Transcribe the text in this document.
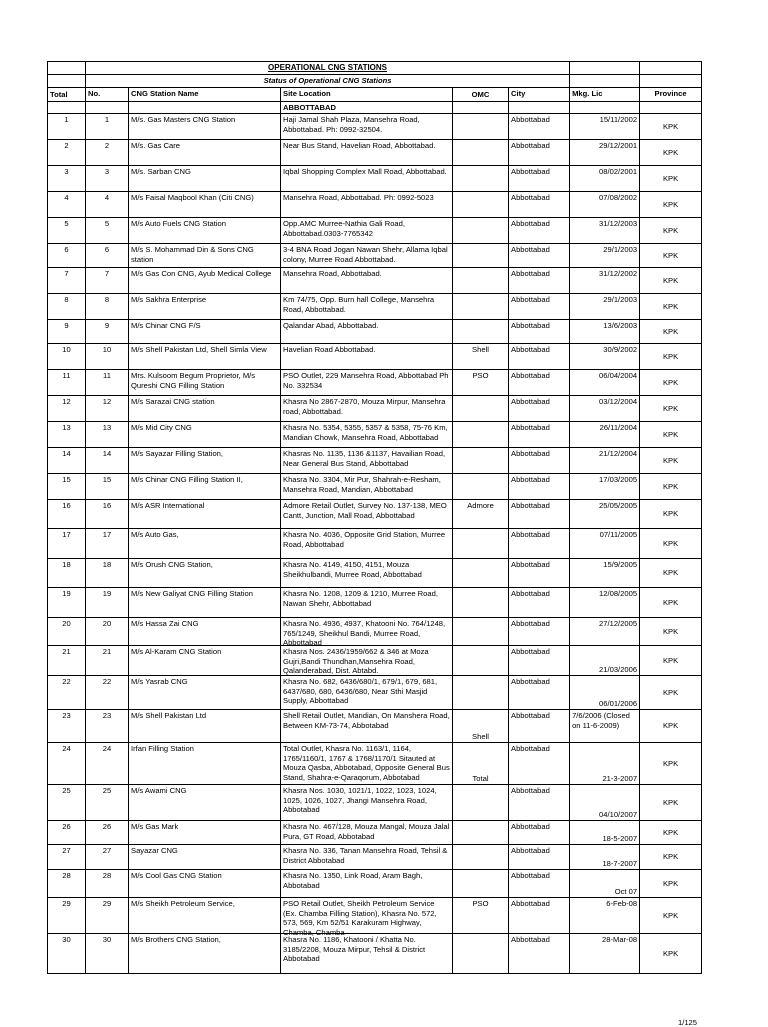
	OPERATIONAL CNG STATIONS						
	Status of Operational CNG Stations						
Total	No.	CNG Station Name	Site Location	OMC	City	Mkg. Lic	Province
			ABBOTTABAD				
1	1	M/s. Gas Masters CNG Station	Haji Jamal Shah Plaza, Mansehra Road, Abbottabad. Ph: 0992-32504.		Abbottabad	15/11/2002	KPK
2	2	M/s. Gas Care	Near Bus Stand, Havelian Road, Abbottabad.		Abbottabad	29/12/2001	KPK
3	3	M/s. Sarban CNG	Iqbal Shopping Complex Mall Road, Abbottabad.		Abbottabad	08/02/2001	KPK
4	4	M/s Faisal Maqbool Khan (Citi CNG)	Mansehra Road, Abbottabad. Ph: 0992-5023		Abbottabad	07/08/2002	KPK
5	5	M/s Auto Fuels CNG Station	Opp.AMC Murree-Nathia Gali Road, Abbottabad.0303-7765342		Abbottabad	31/12/2003	KPK
6	6	M/s S. Mohammad Din & Sons CNG station	3-4 BNA Road Jogan Nawan Shehr, Allama Iqbal colony, Murree Road Abbottabad.		Abbottabad	29/1/2003	KPK
7	7	M/s Gas Con CNG, Ayub Medical College	Mansehra Road, Abbottabad.		Abbottabad	31/12/2002	KPK
8	8	M/s Sakhra Enterprise	Km 74/75, Opp. Burn hall College, Mansehra Road, Abbottabad.		Abbottabad	29/1/2003	KPK
9	9	M/s Chinar CNG F/S	Qalandar Abad, Abbottabad.		Abbottabad	13/6/2003	KPK
10	10	M/s Shell Pakistan Ltd, Shell Simla View	Havelian Road Abbottabad.	Shell	Abbottabad	30/9/2002	KPK
11	11	Mrs. Kulsoom Begum Proprietor, M/s Qureshi CNG Filling Station	PSO Outlet, 229 Mansehra Road, Abbottabad Ph No. 332534	PSO	Abbottabad	06/04/2004	KPK
12	12	M/s Sarazai CNG station	Khasra No 2867-2870, Mouza Mirpur, Mansehra road, Abbottabad.		Abbottabad	03/12/2004	KPK
13	13	M/s Mid City CNG	Khasra No. 5354, 5355, 5357 & 5358, 75-76 Km, Mandian Chowk, Mansehra Road, Abbottabad		Abbottabad	26/11/2004	KPK
14	14	M/s Sayazar Filling Station,	Khasras No. 1135, 1136 &1137, Havailian Road, Near General Bus Stand, Abbottabad		Abbottabad	21/12/2004	KPK
15	15	M/s Chinar CNG Filling Station II,	Khasra No. 3304, Mir Pur, Shahrah-e-Resham, Mansehra Road, Mandian, Abbottabad		Abbottabad	17/03/2005	KPK
16	16	M/s ASR International	Admore Retail Outlet, Survey No. 137-138, MEO Cantt, Junction, Mall Road, Abbottabad	Admore	Abbottabad	25/05/2005	KPK
17	17	M/s Auto Gas,	Khasra No. 4036, Opposite Grid Station, Murree Road, Abbottabad		Abbottabad	07/11/2005	KPK
18	18	M/s Orush CNG Station,	Khasra No. 4149, 4150, 4151, Mouza Sheikhulbandi, Murree Road, Abbottabad		Abbottabad	15/9/2005	KPK
19	19	M/s New Galiyat CNG Filling Station	Khasra No. 1208, 1209 & 1210, Murree Road, Nawan Shehr, Abbottabad		Abbottabad	12/08/2005	KPK
20	20	M/s Hassa Zai CNG	Khasra No. 4936, 4937, Khatooni No. 764/1248, 765/1249, Sheikhul Bandi, Murree Road, Abbottabad		Abbottabad	27/12/2005	KPK
21	21	M/s Al-Karam CNG Station	Khasra Nos. 2436/1959/662 & 346 at Moza Gujri,Bandi Thundhan,Mansehra Road, Qalanderabad, Dist. Abtabd.		Abbottabad	21/03/2006	KPK
22	22	M/s Yasrab CNG	Khasra No. 682, 6436/680/1, 679/1, 679, 681, 6437/680, 680, 6436/680, Near Sthi Masjid Supply, Abbottabad		Abbottabad	06/01/2006	KPK
23	23	M/s Shell Pakistan Ltd	Shell Retail Outlet, Mandian, On Manshera Road, Between KM-73-74, Abbotabad	Shell	Abbottabad	7/6/2006 (Closed on 11-6-2009)	KPK
24	24	Irfan Filling Station	Total Outlet, Khasra No. 1163/1, 1164, 1765/1160/1, 1767 & 1768/1170/1 Sitauted at Mouza Qasba, Abbotabad, Opposite General Bus Stand, Shahra-e-Qaraqorum, Abbotabad	Total	Abbottabad	21-3-2007	KPK
25	25	M/s Awami CNG	Khasra Nos. 1030, 1021/1, 1022, 1023, 1024, 1025, 1026, 1027, Jhangi Mansehra Road, Abbotabad		Abbottabad	04/10/2007	KPK
26	26	M/s Gas Mark	Khasra No. 467/128, Mouza Mangal, Mouza Jalal Pura, GT Road, Abbotabad		Abbottabad	18-5-2007	KPK
27	27	Sayazar CNG	Khasra No. 336, Tanan Mansehra Road, Tehsil & District Abbotabad		Abbottabad	18-7-2007	KPK
28	28	M/s Cool Gas CNG Station	Khasra No. 1350, Link Road, Aram Bagh, Abbotabad		Abbottabad	Oct 07	KPK
29	29	M/s Sheikh Petroleum Service,	PSO Retail Outlet, Sheikh Petroleum Service (Ex. Chamba Filling Station), Khasra No. 572, 573, 569, Km 52/51 Karakuram Highway, Chamba, Chamba	PSO	Abbottabad	6-Feb-08	KPK
30	30	M/s Brothers CNG Station,	Khasra No. 1186, Khatooni / Khatta No. 3185/2208, Mouza Mirpur, Tehsil & District Abbotabad		Abbottabad	28-Mar-08	KPK
1/125
